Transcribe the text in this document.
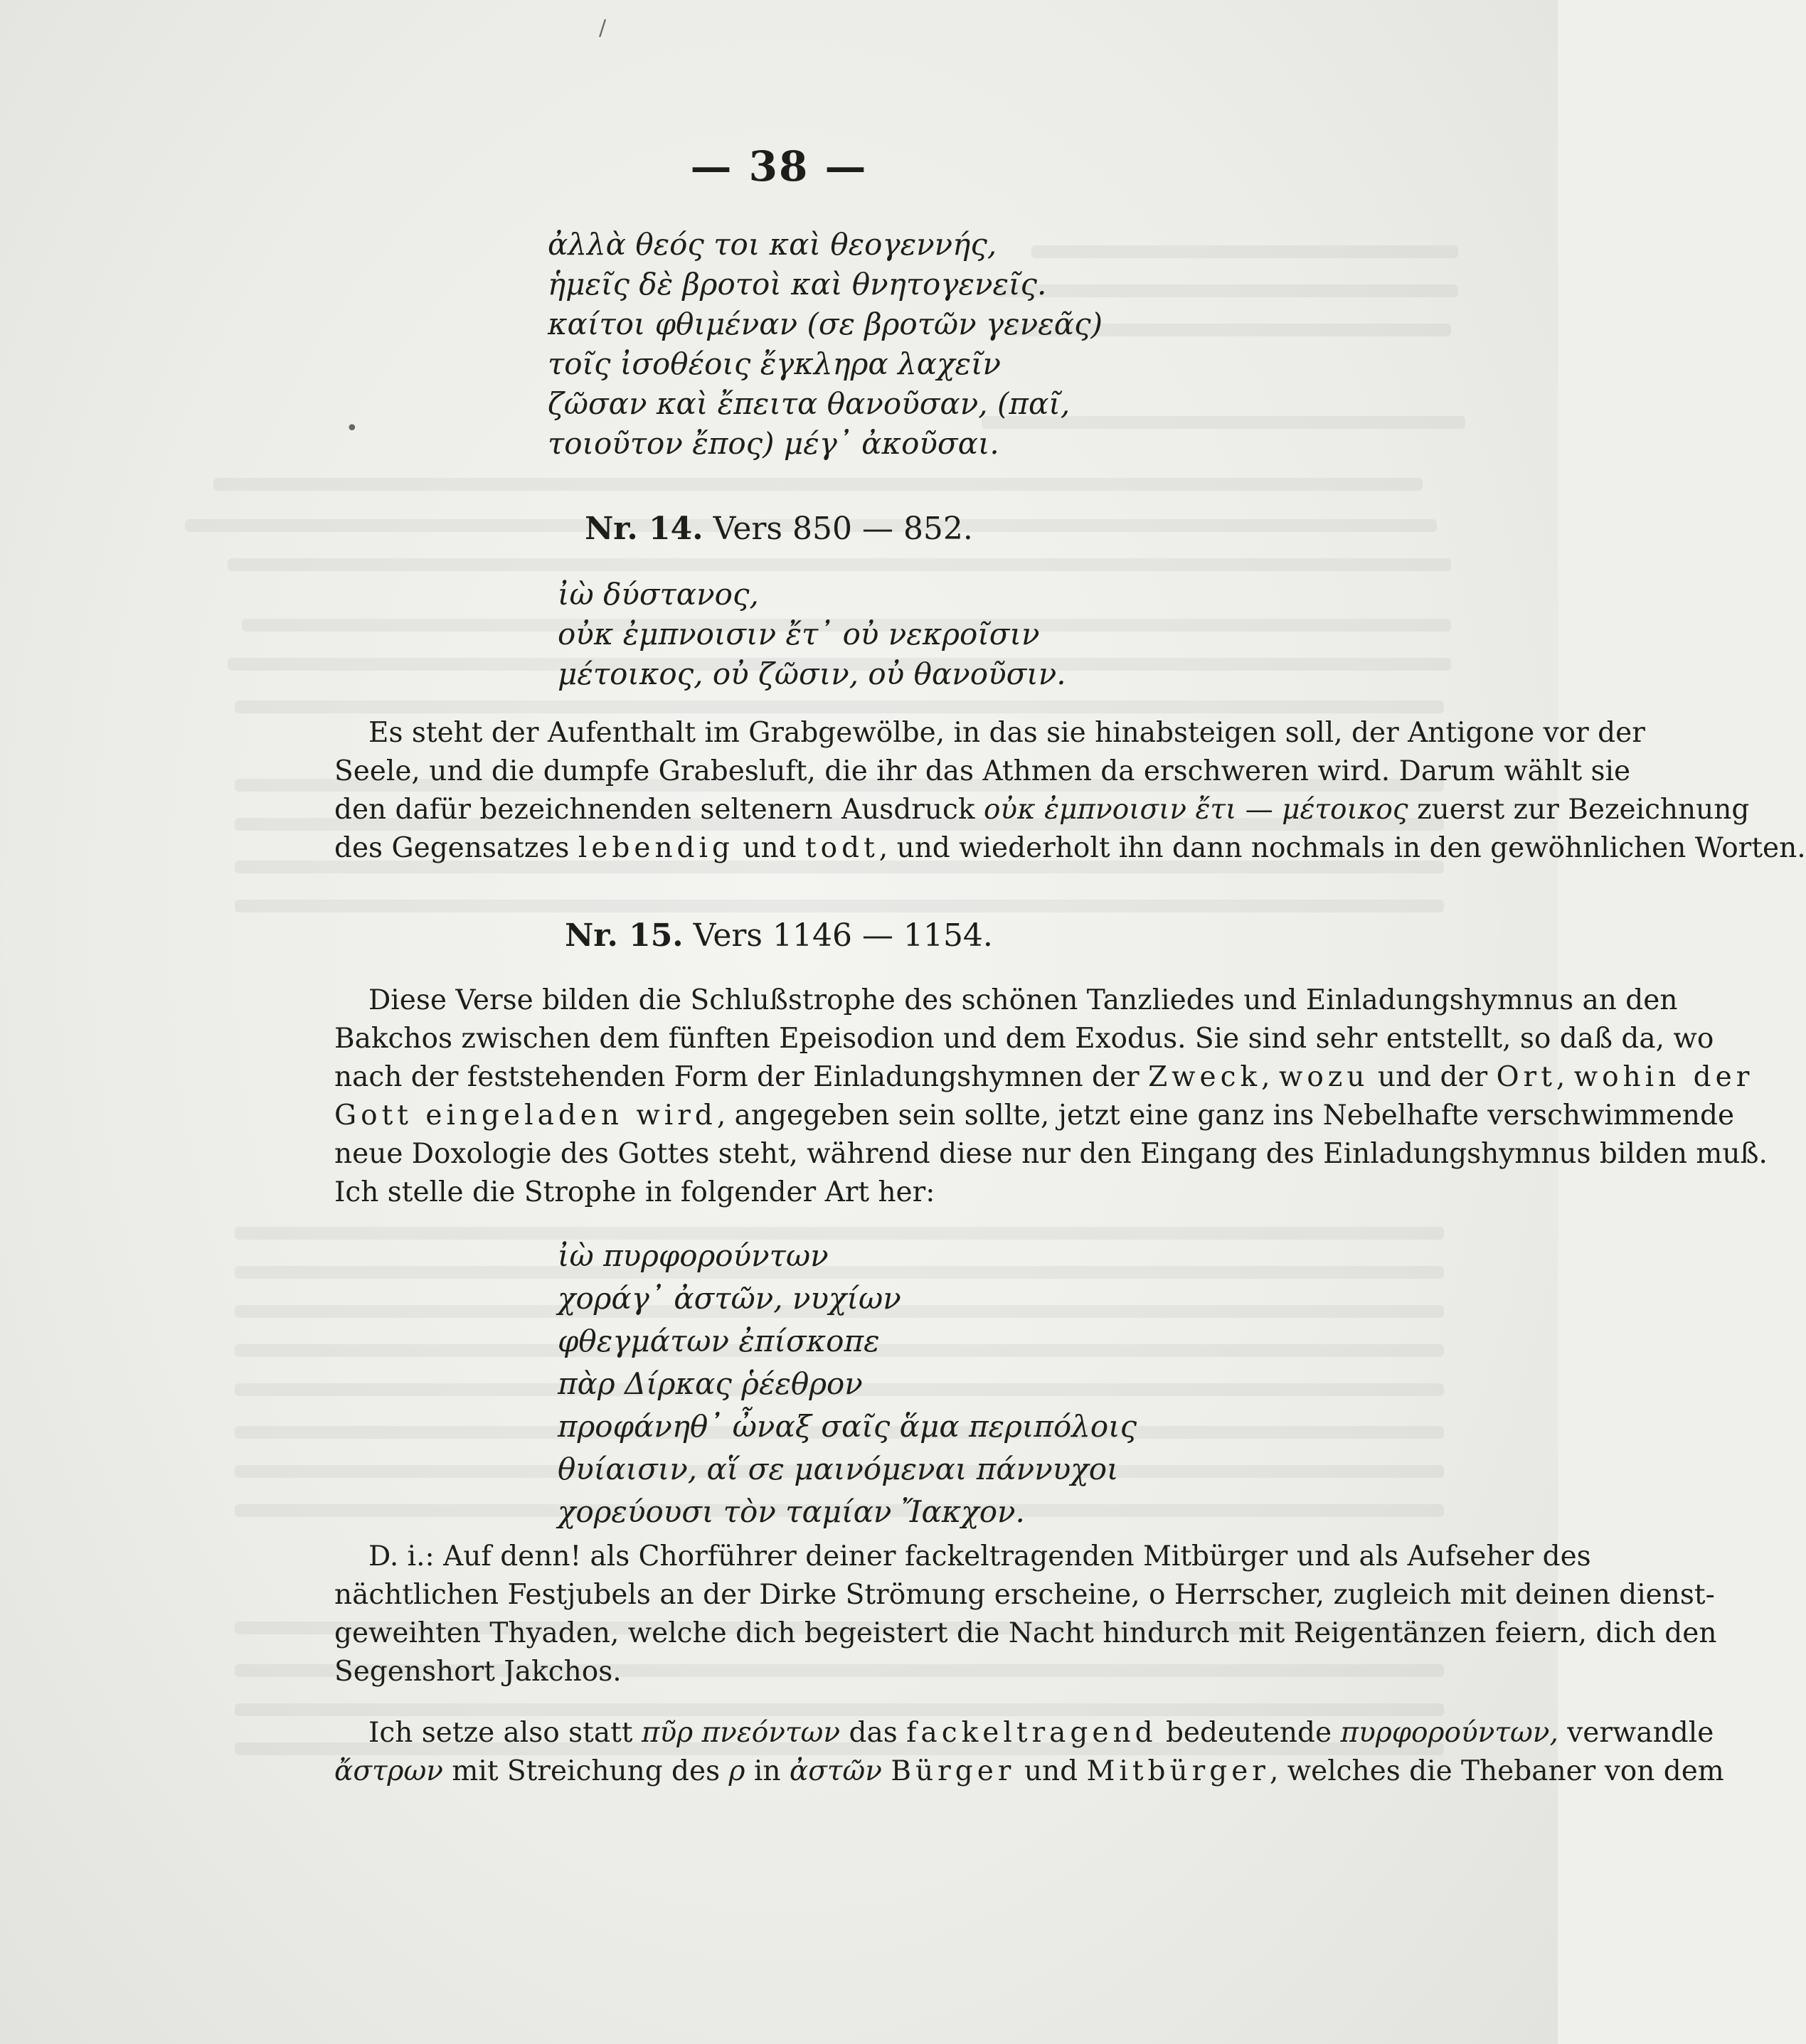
/
•
— 38 —
ἀλλὰ θεός τοι καὶ θεογεννής,
ἡμεῖς δὲ βροτοὶ καὶ θνητογενεῖς.
καίτοι φθιμέναν (σε βροτῶν γενεᾶς)
τοῖς ἰσοθέοις ἔγκληρα λαχεῖν
ζῶσαν καὶ ἔπειτα θανοῦσαν, (παῖ,
τοιοῦτον ἔπος) μέγ᾽ ἀκοῦσαι.
Nr. 14. Vers 850 — 852.
ἰὼ δύστανος,
οὐκ ἐμπνοισιν ἔτ᾽ οὐ νεκροῖσιν
μέτοικος, οὐ ζῶσιν, οὐ θανοῦσιν.
Es steht der Aufenthalt im Grabgewölbe, in das sie hinabsteigen soll, der Antigone vor der
Seele, und die dumpfe Grabesluft, die ihr das Athmen da erschweren wird. Darum wählt sie
den dafür bezeichnenden seltenern Ausdruck οὐκ ἐμπνοισιν ἔτι — μέτοικος zuerst zur Bezeichnung
des Gegensatzes lebendig und todt, und wiederholt ihn dann nochmals in den gewöhnlichen Worten.
Nr. 15. Vers 1146 — 1154.
Diese Verse bilden die Schlußstrophe des schönen Tanzliedes und Einladungshymnus an den
Bakchos zwischen dem fünften Epeisodion und dem Exodus. Sie sind sehr entstellt, so daß da, wo
nach der feststehenden Form der Einladungshymnen der Zweck, wozu und der Ort, wohin der
Gott eingeladen wird, angegeben sein sollte, jetzt eine ganz ins Nebelhafte verschwimmende
neue Doxologie des Gottes steht, während diese nur den Eingang des Einladungshymnus bilden muß.
Ich stelle die Strophe in folgender Art her:
ἰὼ πυρφορούντων
χοράγ᾽ ἀστῶν, νυχίων
φθεγμάτων ἐπίσκοπε
πὰρ Δίρκας ῥέεθρον
προφάνηθ᾽ ὦναξ σαῖς ἅμα περιπόλοις
θυίαισιν, αἵ σε μαινόμεναι πάννυχοι
χορεύουσι τὸν ταμίαν Ἴακχον.
D. i.: Auf denn! als Chorführer deiner fackeltragenden Mitbürger und als Aufseher des
nächtlichen Festjubels an der Dirke Strömung erscheine, o Herrscher, zugleich mit deinen dienst-
geweihten Thyaden, welche dich begeistert die Nacht hindurch mit Reigentänzen feiern, dich den
Segenshort Jakchos.
Ich setze also statt πῦρ πνεόντων das fackeltragend bedeutende πυρφορούντων, verwandle
ἄστρων mit Streichung des ρ in ἀστῶν Bürger und Mitbürger, welches die Thebaner von dem
